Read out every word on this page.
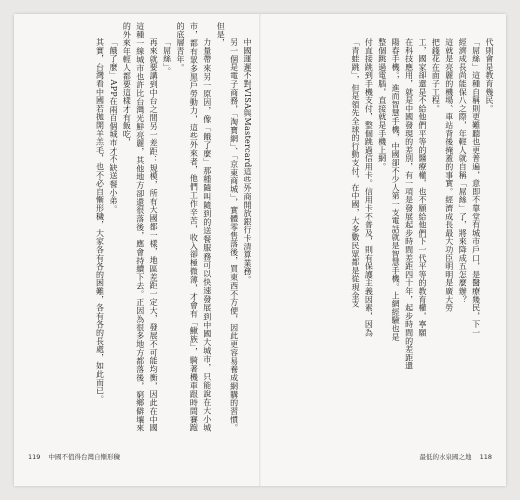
中國運遲不對VISA與Mastercard這些外商開放銀行卡清算業務。

另一個是電子商務，「淘寶網」、「京東商城」，實體零售落後，買東西不方便，因此更容易養成網購的習慣。但是，

力量帶來另一原因，像「餓了麼」那種隨叫隨到的送餐服務可以快速發展到中國大城市，只能說在大小城市，都有眾多黑戶勞動力，這些外來者，他們工作辛苦，收入卻極微薄，才會有「鰍族」，騎著機車跟時間賽跑的底層青年。

「屌絲」。

再來就要講到中台之間另一差距：規模，所有大國都一樣，地區差距一定大，發展不可能均衡，因此在中國這種一線城市也許比台灣光鮮亮麗，其他地方卻還很落後，應會持續下去。正因為很多地方都落後，窮鄉僻壤來的外來年輕人都要這樣才有飯吃，

「餓了麼」APP在兩百個城市才不缺送餐小弟。

其實，台灣看中國若拋開羊羔毛，也不必自慚形穢，大家各有各的困難，各有各的長處，如此而已。	代則會是教育幾民。

「屌絲」這種自稱則更難聽也更普遍，意即不靠堂有城市戶口，是醫療幾民，下一

經濟成長尚能保八之際，年輕人就自稱「屌絲」了，將來降成五怎麼辦？

這就是亮麗的機場、車站背後掩蓋的事實。經濟成長最大功臣明明是廣大勞

把錢花在面子工程。

工，國家卻還是不給他們平等的醫療權，也不願給他們下一代平等的教育權，寧願

在科技應用，就是中國發現的差別，有一項是發展起步時間差距四十年，起步時間的差距還

陽春手機。，進而智慧手機，中國卻不少人第一支電話就是智慧手機。上網經驗也是

整個跳過電腦，直接就是手機上網。

付直接跳到手機支付，整個跳過信用卡。信用卡不普及，則有保護主義因素，因為

「青蛙跳」，但是領先全球的行動支付，在中國，大多數民眾都是從現金支

119 中國不值得台灣自慚形穢	最低的水泉國之地 118
